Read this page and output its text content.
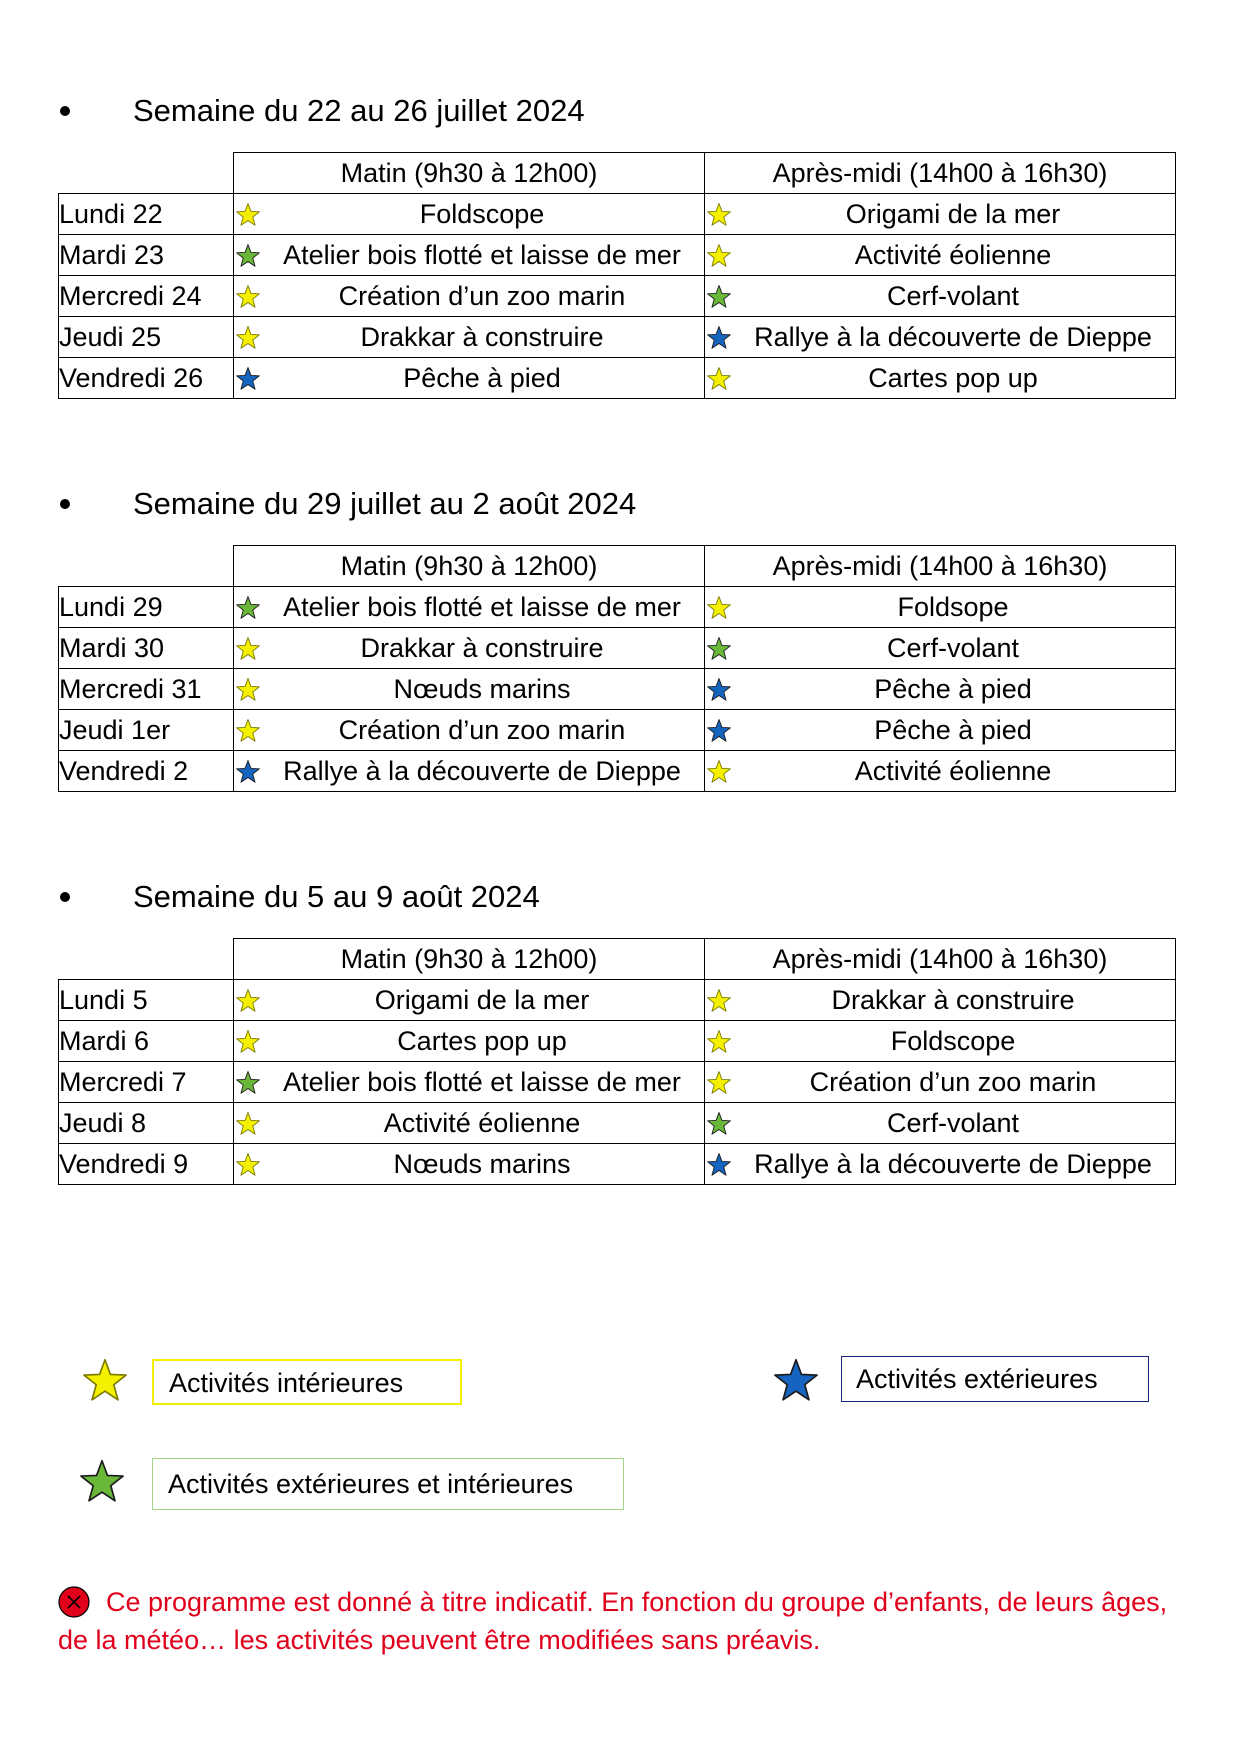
Semaine du 22 au 26 juillet 2024
	Matin (9h30 à 12h00)	Après-midi (14h00 à 16h30)
Lundi 22	Foldscope	Origami de la mer
Mardi 23	Atelier bois flotté et laisse de mer	Activité éolienne
Mercredi 24	Création d’un zoo marin	Cerf-volant
Jeudi 25	Drakkar à construire	Rallye à la découverte de Dieppe
Vendredi 26	Pêche à pied	Cartes pop up
Semaine du 29 juillet au 2 août 2024
	Matin (9h30 à 12h00)	Après-midi (14h00 à 16h30)
Lundi 29	Atelier bois flotté et laisse de mer	Foldsope
Mardi 30	Drakkar à construire	Cerf-volant
Mercredi 31	Nœuds marins	Pêche à pied
Jeudi 1er	Création d’un zoo marin	Pêche à pied
Vendredi 2	Rallye à la découverte de Dieppe	Activité éolienne
Semaine du 5 au 9 août 2024
	Matin (9h30 à 12h00)	Après-midi (14h00 à 16h30)
Lundi 5	Origami de la mer	Drakkar à construire
Mardi 6	Cartes pop up	Foldscope
Mercredi 7	Atelier bois flotté et laisse de mer	Création d’un zoo marin
Jeudi 8	Activité éolienne	Cerf-volant
Vendredi 9	Nœuds marins	Rallye à la découverte de Dieppe
Activités intérieures	Activités extérieures
Activités extérieures et intérieures
Ce programme est donné à titre indicatif. En fonction du groupe d’enfants, de leurs âges, de la météo… les activités peuvent être modifiées sans préavis.
